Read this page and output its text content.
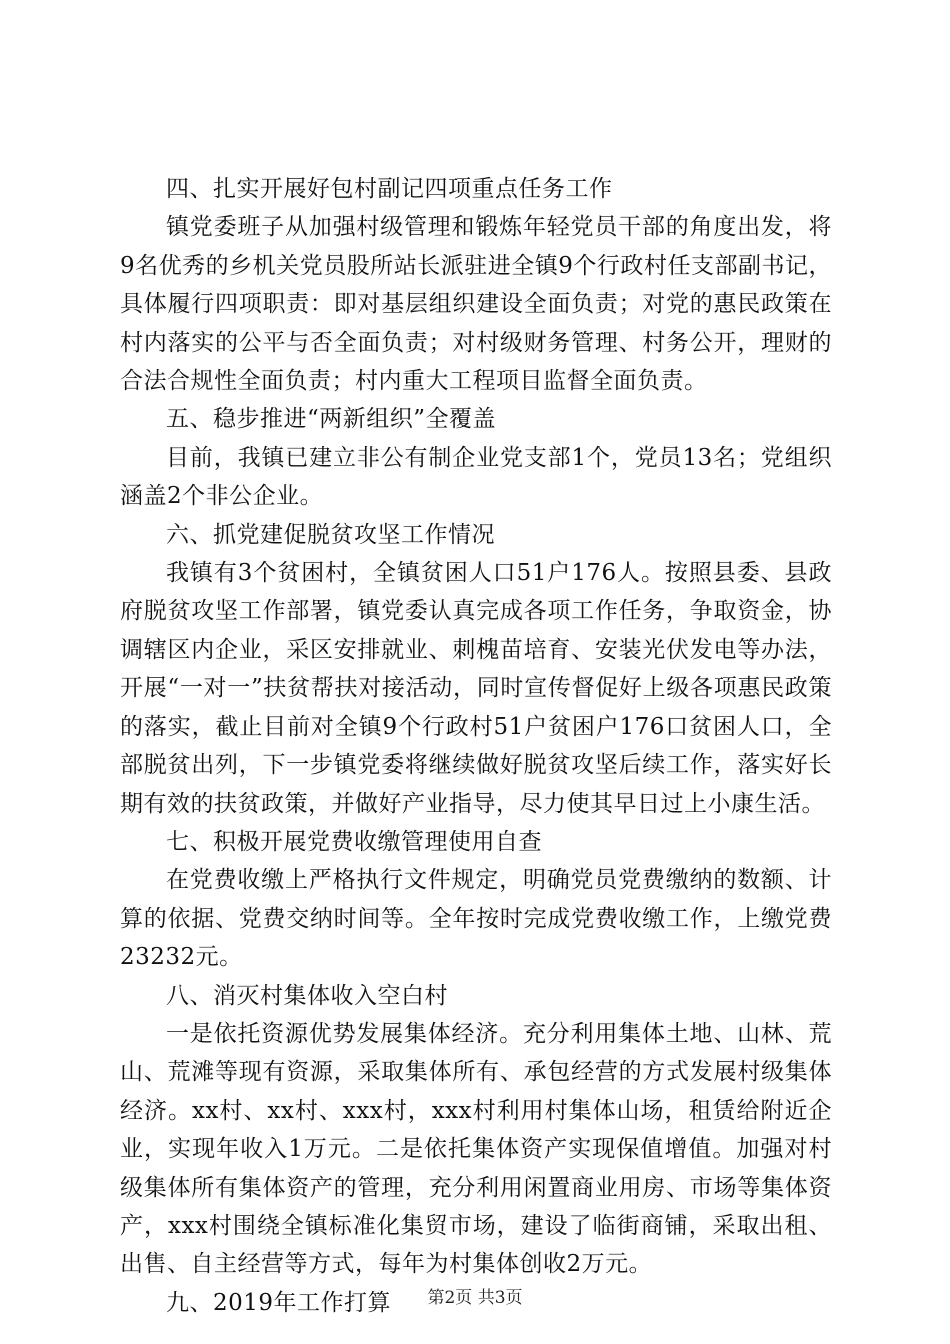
四、扎实开展好包村副记四项重点任务工作

镇党委班子从加强村级管理和锻炼年轻党员干部的角度出发，将9名优秀的乡机关党员股所站长派驻进全镇9个行政村任支部副书记，具体履行四项职责：即对基层组织建设全面负责；对党的惠民政策在村内落实的公平与否全面负责；对村级财务管理、村务公开，理财的合法合规性全面负责；村内重大工程项目监督全面负责。

五、稳步推进“两新组织”全覆盖

目前，我镇已建立非公有制企业党支部1个，党员13名；党组织涵盖2个非公企业。

六、抓党建促脱贫攻坚工作情况

我镇有3个贫困村，全镇贫困人口51户176人。按照县委、县政府脱贫攻坚工作部署，镇党委认真完成各项工作任务，争取资金，协调辖区内企业，采区安排就业、刺槐苗培育、安装光伏发电等办法，开展“一对一”扶贫帮扶对接活动，同时宣传督促好上级各项惠民政策的落实，截止目前对全镇9个行政村51户贫困户176口贫困人口，全部脱贫出列，下一步镇党委将继续做好脱贫攻坚后续工作，落实好长期有效的扶贫政策，并做好产业指导，尽力使其早日过上小康生活。

七、积极开展党费收缴管理使用自查

在党费收缴上严格执行文件规定，明确党员党费缴纳的数额、计算的依据、党费交纳时间等。全年按时完成党费收缴工作，上缴党费23232元。

八、消灭村集体收入空白村

一是依托资源优势发展集体经济。充分利用集体土地、山林、荒山、荒滩等现有资源，采取集体所有、承包经营的方式发展村级集体经济。xx村、xx村、xxx村，xxx村利用村集体山场，租赁给附近企业，实现年收入1万元。二是依托集体资产实现保值增值。加强对村级集体所有集体资产的管理，充分利用闲置商业用房、市场等集体资产，xxx村围绕全镇标准化集贸市场，建设了临街商铺，采取出租、出售、自主经营等方式，每年为村集体创收2万元。

九、2019年工作打算	第2页 共3页
